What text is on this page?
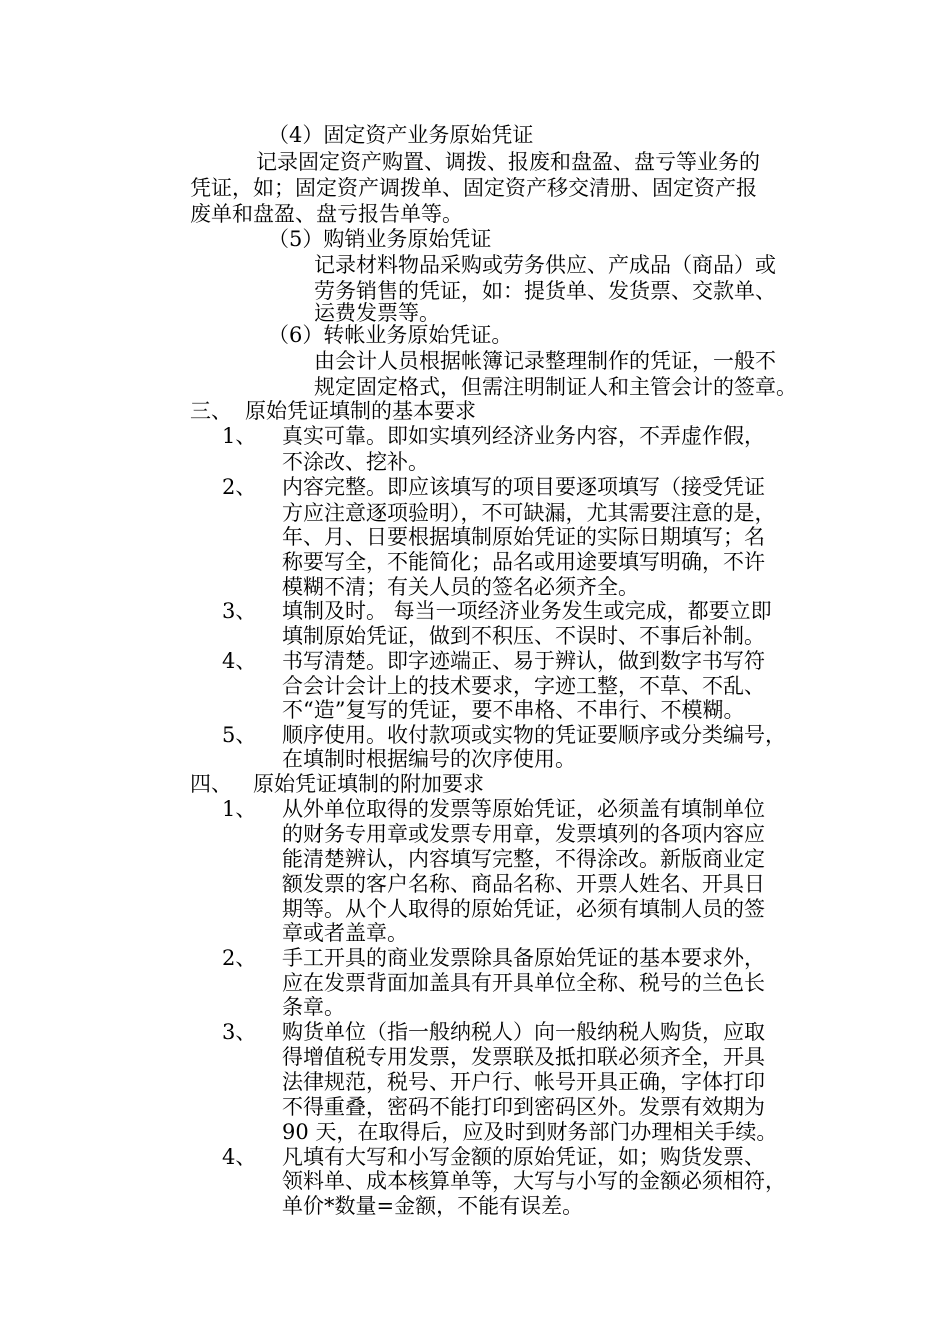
（4）固定资产业务原始凭证
记录固定资产购置、调拨、报废和盘盈、盘亏等业务的
凭证，如；固定资产调拨单、固定资产移交清册、固定资产报
废单和盘盈、盘亏报告单等。
（5）购销业务原始凭证
记录材料物品采购或劳务供应、产成品（商品）或
劳务销售的凭证，如：提货单、发货票、交款单、
运费发票等。
（6）转帐业务原始凭证。
由会计人员根据帐簿记录整理制作的凭证，一般不
规定固定格式，但需注明制证人和主管会计的签章。
三、 原始凭证填制的基本要求
1、 真实可靠。即如实填列经济业务内容，不弄虚作假，
不涂改、挖补。
2、 内容完整。即应该填写的项目要逐项填写（接受凭证
方应注意逐项验明），不可缺漏，尤其需要注意的是，
年、月、日要根据填制原始凭证的实际日期填写；名
称要写全，不能简化；品名或用途要填写明确，不许
模糊不清；有关人员的签名必须齐全。
3、 填制及时。 每当一项经济业务发生或完成，都要立即
填制原始凭证，做到不积压、不误时、不事后补制。
4、 书写清楚。即字迹端正、易于辨认，做到数字书写符
合会计会计上的技术要求，字迹工整，不草、不乱、
不“造”复写的凭证，要不串格、不串行、不模糊。
5、 顺序使用。收付款项或实物的凭证要顺序或分类编号，
在填制时根据编号的次序使用。
四、 原始凭证填制的附加要求
1、 从外单位取得的发票等原始凭证，必须盖有填制单位
的财务专用章或发票专用章，发票填列的各项内容应
能清楚辨认，内容填写完整，不得涂改。新版商业定
额发票的客户名称、商品名称、开票人姓名、开具日
期等。从个人取得的原始凭证，必须有填制人员的签
章或者盖章。
2、 手工开具的商业发票除具备原始凭证的基本要求外，
应在发票背面加盖具有开具单位全称、税号的兰色长
条章。
3、 购货单位（指一般纳税人）向一般纳税人购货，应取
得增值税专用发票，发票联及抵扣联必须齐全，开具
法律规范，税号、开户行、帐号开具正确，字体打印
不得重叠，密码不能打印到密码区外。发票有效期为
90 天，在取得后，应及时到财务部门办理相关手续。
4、 凡填有大写和小写金额的原始凭证，如；购货发票、
领料单、成本核算单等，大写与小写的金额必须相符，
单价*数量=金额，不能有误差。
